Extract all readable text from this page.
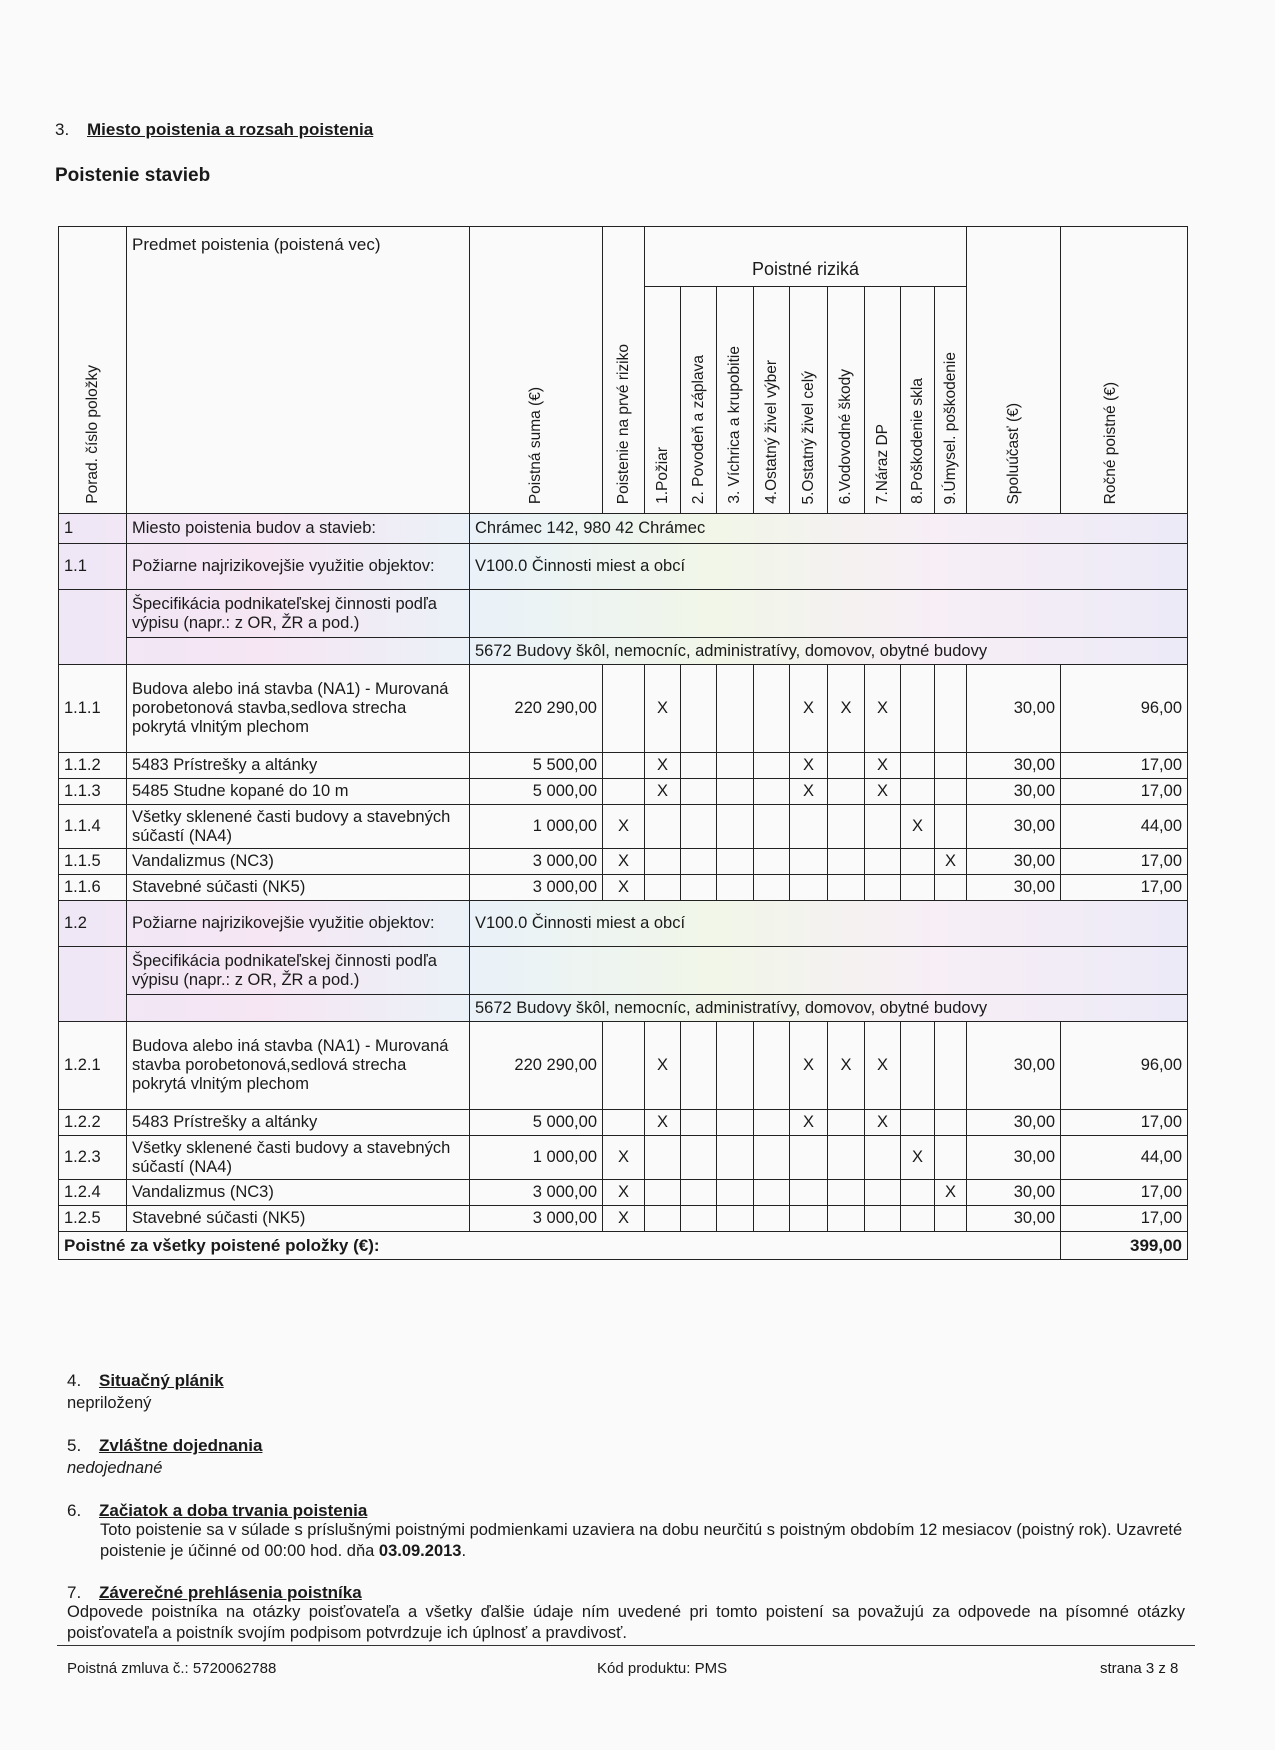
3. Miesto poistenia a rozsah poistenia
Poistenie stavieb
Porad. číslo položky	Predmet poistenia (poistená vec)	Poistná suma (€)	Poistenie na prvé riziko	Poistné riziká									Spoluúčasť (€)	Ročné poistné (€)
				1.Požiar	2. Povodeň a záplava	3. Víchrica a krupobitie	4.Ostatný živel výber	5.Ostatný živel celý	6.Vodovodné škody	7.Náraz DP	8.Poškodenie skla	9.Úmysel. poškodenie		
1	Miesto poistenia budov a stavieb:	Chrámec 142, 980 42 Chrámec												
1.1	Požiarne najrizikovejšie využitie objektov:	V100.0 Činnosti miest a obcí												
	Špecifikácia podnikateľskej činnosti podľa výpisu (napr.: z OR, ŽR a pod.)													
		5672 Budovy škôl, nemocníc, administratívy, domovov, obytné budovy												
1.1.1	Budova alebo iná stavba (NA1) - Murovaná porobetonová stavba,sedlova strecha pokrytá vlnitým plechom	220 290,00		X				X	X	X			30,00	96,00
1.1.2	5483 Prístrešky a altánky	5 500,00		X				X		X			30,00	17,00
1.1.3	5485 Studne kopané do 10 m	5 000,00		X				X		X			30,00	17,00
1.1.4	Všetky sklenené časti budovy a stavebných súčastí (NA4)	1 000,00	X								X		30,00	44,00
1.1.5	Vandalizmus (NC3)	3 000,00	X									X	30,00	17,00
1.1.6	Stavebné súčasti (NK5)	3 000,00	X										30,00	17,00
1.2	Požiarne najrizikovejšie využitie objektov:	V100.0 Činnosti miest a obcí												
	Špecifikácia podnikateľskej činnosti podľa výpisu (napr.: z OR, ŽR a pod.)													
		5672 Budovy škôl, nemocníc, administratívy, domovov, obytné budovy												
1.2.1	Budova alebo iná stavba (NA1) - Murovaná stavba porobetonová,sedlová strecha pokrytá vlnitým plechom	220 290,00		X				X	X	X			30,00	96,00
1.2.2	5483 Prístrešky a altánky	5 000,00		X				X		X			30,00	17,00
1.2.3	Všetky sklenené časti budovy a stavebných súčastí (NA4)	1 000,00	X								X		30,00	44,00
1.2.4	Vandalizmus (NC3)	3 000,00	X									X	30,00	17,00
1.2.5	Stavebné súčasti (NK5)	3 000,00	X										30,00	17,00
Poistné za všetky poistené položky (€):														399,00
4. Situačný plánik
nepriložený
5. Zvláštne dojednania
nedojednané
6. Začiatok a doba trvania poistenia
Toto poistenie sa v súlade s príslušnými poistnými podmienkami uzaviera na dobu neurčitú s poistným obdobím 12 mesiacov (poistný rok). Uzavreté poistenie je účinné od 00:00 hod. dňa 03.09.2013.
7. Záverečné prehlásenia poistníka
Odpovede poistníka na otázky poisťovateľa a všetky ďalšie údaje ním uvedené pri tomto poistení sa považujú za odpovede na písomné otázky poisťovateľa a poistník svojím podpisom potvrdzuje ich úplnosť a pravdivosť.
Poistná zmluva č.: 5720062788	Kód produktu: PMS	strana 3 z 8
